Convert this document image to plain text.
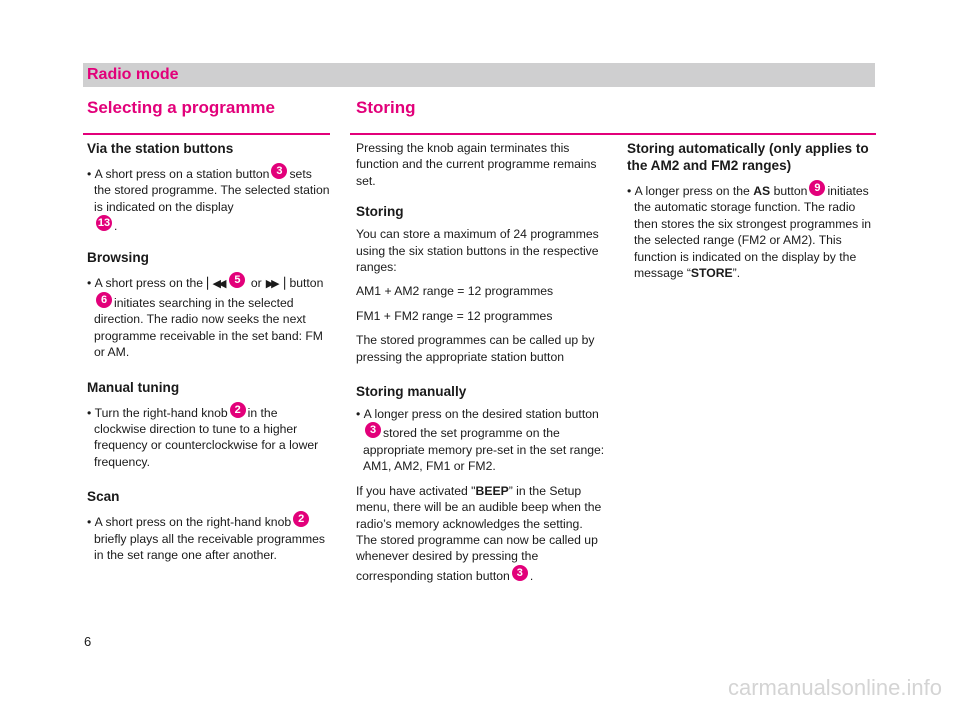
Radio mode
Selecting a programme	Storing
Via the station buttons

• A short press on a station button 3 sets the stored programme. The selected station is indicated on the display
13 .

Browsing

• A short press on the ▏◀◀ 5 or ▶▶▕ button6 initiates searching in the selected direction. The radio now seeks the next programme receivable in the set band: FM or AM.

Manual tuning

• Turn the right-hand knob 2 in the clockwise direction to tune to a higher frequency or counterclockwise for a lower frequency.

Scan

• A short press on the right-hand knob 2briefly plays all the receivable programmes in the set range one after another.

Pressing the knob again terminates this function and the current programme remains set.

Storing

You can store a maximum of 24 programmes using the six station buttons in the respective ranges:

AM1 + AM2 range = 12 programmes

FM1 + FM2 range = 12 programmes

The stored programmes can be called up by pressing the appropriate station button

Storing manually

• A longer press on the desired station button3 stored the set programme on the appropriate memory pre-set in the set range: AM1, AM2, FM1 or FM2.

If you have activated "BEEP” in the Setup menu, there will be an audible beep when the radio’s memory acknowledges the setting. The stored programme can now be called up whenever desired by pressing the corresponding station button 3 .

Storing automatically (only applies to the AM2 and FM2 ranges)

• A longer press on the AS button 9 initiates the automatic storage function. The radio then stores the six strongest programmes in the selected range (FM2 or AM2). This function is indicated on the display by the message “STORE”.

6
carmanualsonline.info
